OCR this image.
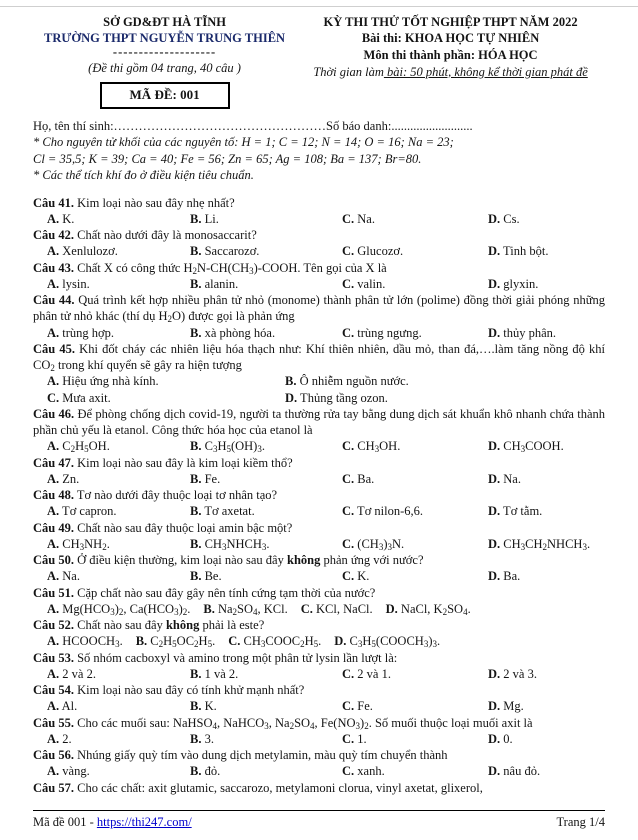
SỞ GD&ĐT HÀ TĨNH
TRƯỜNG THPT NGUYỄN TRUNG THIÊN
--------------------
(Đề thi gồm 04 trang, 40 câu )
MÃ ĐỀ: 001
KỲ THI THỬ TỐT NGHIỆP THPT NĂM 2022
Bài thi: KHOA HỌC TỰ NHIÊN
Môn thi thành phần: HÓA HỌC
Thời gian làm bài: 50 phút, không kể thời gian phát đề
Họ, tên thí sinh:……………………………………………Số báo danh:..........................
* Cho nguyên tử khối của các nguyên tố: H = 1; C = 12; N = 14; O = 16; Na = 23;
Cl = 35,5; K = 39; Ca = 40; Fe = 56; Zn = 65; Ag = 108; Ba = 137; Br=80.
* Các thể tích khí đo ở điều kiện tiêu chuẩn.

Câu 41. Kim loại nào sau đây nhẹ nhất?

A. K.	B. Li.	C. Na.	D. Cs.

Câu 42. Chất nào dưới đây là monosaccarit?

A. Xenlulozơ.	B. Saccarozơ.	C. Glucozơ.	D. Tinh bột.

Câu 43. Chất X có công thức $H_2N-CH(CH_3)$-COOH. Tên gọi của X là

A. lysin.	B. alanin.	C. valin.	D. glyxin.

Câu 44. Quá trình kết hợp nhiều phân tử nhỏ (monome) thành phân tử lớn (polime) đồng thời giải phóng những phân tử nhỏ khác (thí dụ $H_2O$) được gọi là phản ứng

A. trùng hợp.	B. xà phòng hóa.	C. trùng ngưng.	D. thủy phân.

Câu 45. Khi đốt cháy các nhiên liệu hóa thạch như: Khí thiên nhiên, dầu mỏ, than đá,….làm tăng nồng độ khí $CO_2$ trong khí quyển sẽ gây ra hiện tượng

A. Hiệu ứng nhà kính.	B. Ô nhiễm nguồn nước.
C. Mưa axit.	D. Thủng tầng ozon.

Câu 46. Để phòng chống dịch covid-19, người ta thường rửa tay bằng dung dịch sát khuẩn khô nhanh chứa thành phần chủ yếu là etanol. Công thức hóa học của etanol là

A. $C_2H_5OH$.	B. $C_3H_5(OH)_3$.	C. $CH_3OH$.	D. $CH_3COOH$.

Câu 47. Kim loại nào sau đây là kim loại kiềm thổ?

A. Zn.	B. Fe.	C. Ba.	D. Na.

Câu 48. Tơ nào dưới đây thuộc loại tơ nhân tạo?

A. Tơ capron.	B. Tơ axetat.	C. Tơ nilon-6,6.	D. Tơ tằm.

Câu 49. Chất nào sau đây thuộc loại amin bậc một?

A. $CH_3NH_2$.	B. $CH_3NHCH_3$.	C. $(CH_3)_3N$.	D. $CH_3CH_2NHCH_3$.

Câu 50. Ở điều kiện thường, kim loại nào sau đây không phản ứng với nước?

A. Na.	B. Be.	C. K.	D. Ba.

Câu 51. Cặp chất nào sau đây gây nên tính cứng tạm thời của nước?

A. $Mg(HCO_3)_2$, $Ca(HCO_3)_2$. B. $Na_2SO_4$, KCl. C. KCl, NaCl. D. NaCl, $K_2SO_4$.

Câu 52. Chất nào sau đây không phải là este?

A. $HCOOCH_3$. B. $C_2H_5OC_2H_5$. C. $CH_3COOC_2H_5$. D. $C_3H_5(COOCH_3)_3$.

Câu 53. Số nhóm cacboxyl và amino trong một phân tử lysin lần lượt là:

A. 2 và 2.	B. 1 và 2.	C. 2 và 1.	D. 2 và 3.

Câu 54. Kim loại nào sau đây có tính khử mạnh nhất?

A. Al.	B. K.	C. Fe.	D. Mg.

Câu 55. Cho các muối sau: NaHSO$_4$, NaHCO$_3$, $Na_2SO_4$, $Fe(NO_3)_2$. Số muối thuộc loại muối axit là

A. 2.	B. 3.	C. 1.	D. 0.

Câu 56. Nhúng giấy quỳ tím vào dung dịch metylamin, màu quỳ tím chuyển thành

A. vàng.	B. đỏ.	C. xanh.	D. nâu đỏ.

Câu 57. Cho các chất: axit glutamic, saccarozo, metylamoni clorua, vinyl axetat, glixerol,

Mã đề 001 - https://thi247.com/	Trang 1/4
